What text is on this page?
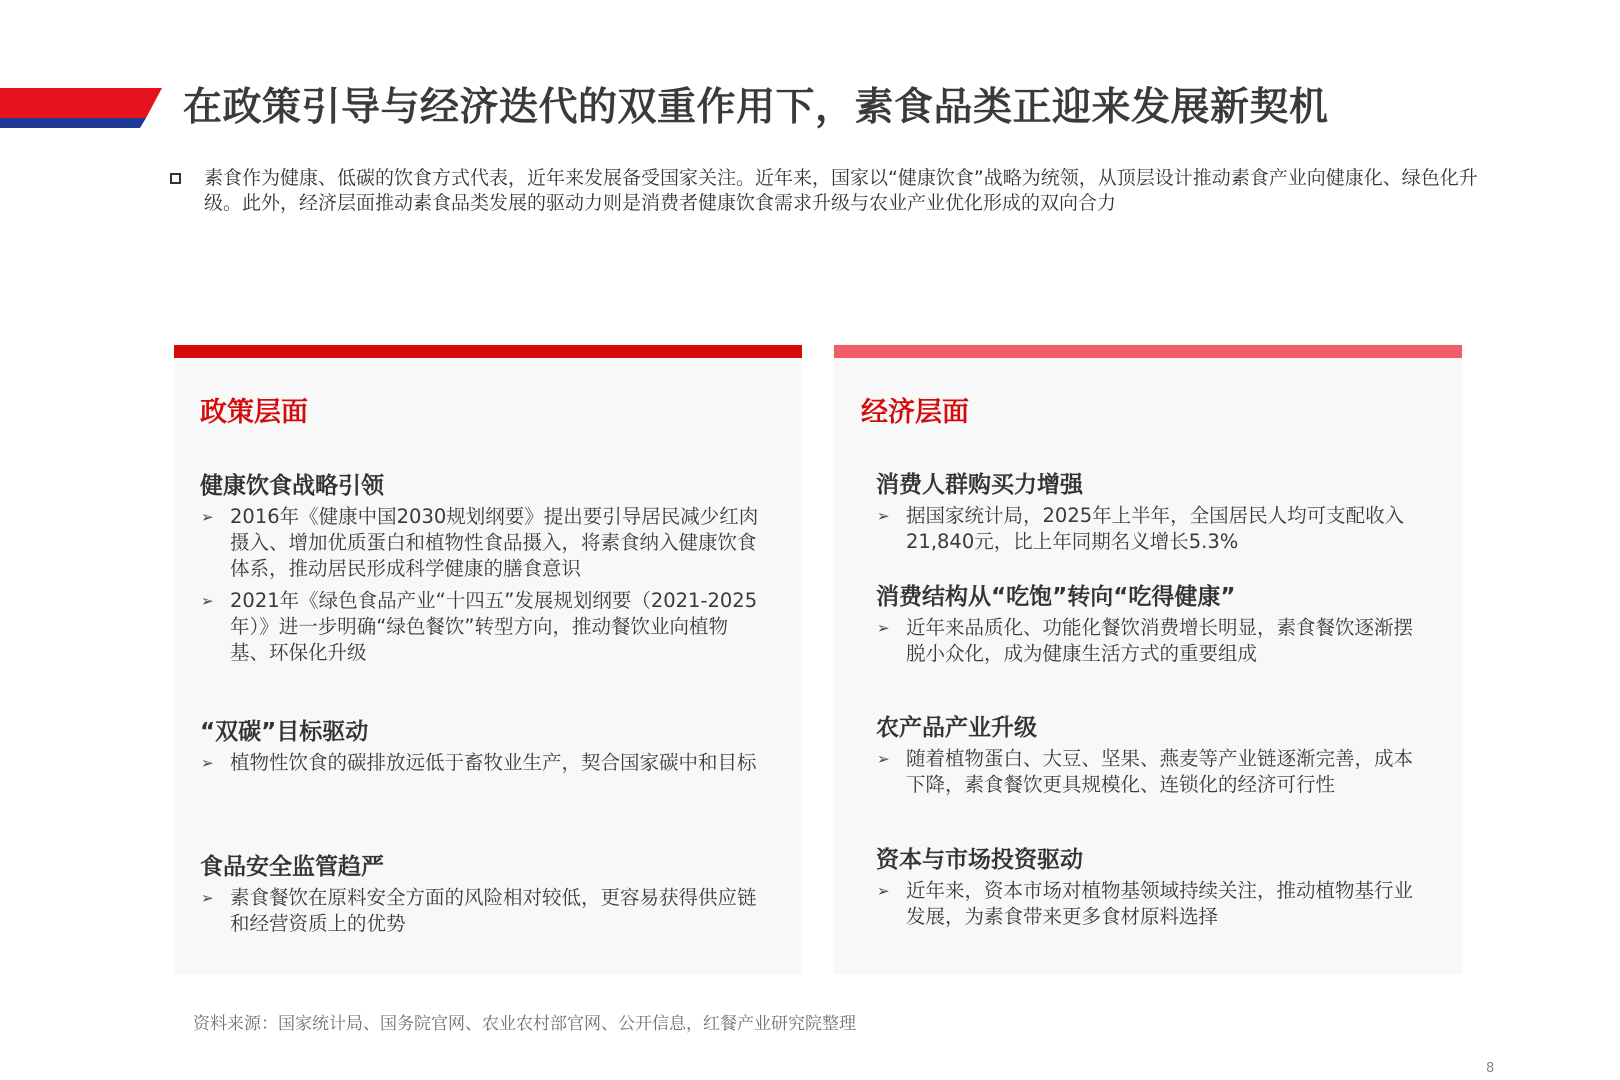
在政策引导与经济迭代的双重作用下，素食品类正迎来发展新契机
素食作为健康、低碳的饮食方式代表，近年来发展备受国家关注。近年来，国家以“健康饮食”战略为统领，从顶层设计推动素食产业向健康化、绿色化升级。此外，经济层面推动素食品类发展的驱动力则是消费者健康饮食需求升级与农业产业优化形成的双向合力
政策层面	经济层面
健康饮食战略引领
➢ 2016年《健康中国2030规划纲要》提出要引导居民减少红肉摄入、增加优质蛋白和植物性食品摄入，将素食纳入健康饮食体系，推动居民形成科学健康的膳食意识
➢ 2021年《绿色食品产业“十四五”发展规划纲要（2021-2025年）》进一步明确“绿色餐饮”转型方向，推动餐饮业向植物基、环保化升级
“双碳”目标驱动
➢ 植物性饮食的碳排放远低于畜牧业生产，契合国家碳中和目标
食品安全监管趋严
➢ 素食餐饮在原料安全方面的风险相对较低，更容易获得供应链和经营资质上的优势
消费人群购买力增强
➢ 据国家统计局，2025年上半年，全国居民人均可支配收入21,840元，比上年同期名义增长5.3%
消费结构从“吃饱”转向“吃得健康”
➢ 近年来品质化、功能化餐饮消费增长明显，素食餐饮逐渐摆脱小众化，成为健康生活方式的重要组成
农产品产业升级
➢ 随着植物蛋白、大豆、坚果、燕麦等产业链逐渐完善，成本下降，素食餐饮更具规模化、连锁化的经济可行性
资本与市场投资驱动
➢ 近年来，资本市场对植物基领域持续关注，推动植物基行业发展，为素食带来更多食材原料选择
资料来源：国家统计局、国务院官网、农业农村部官网、公开信息，红餐产业研究院整理
8
